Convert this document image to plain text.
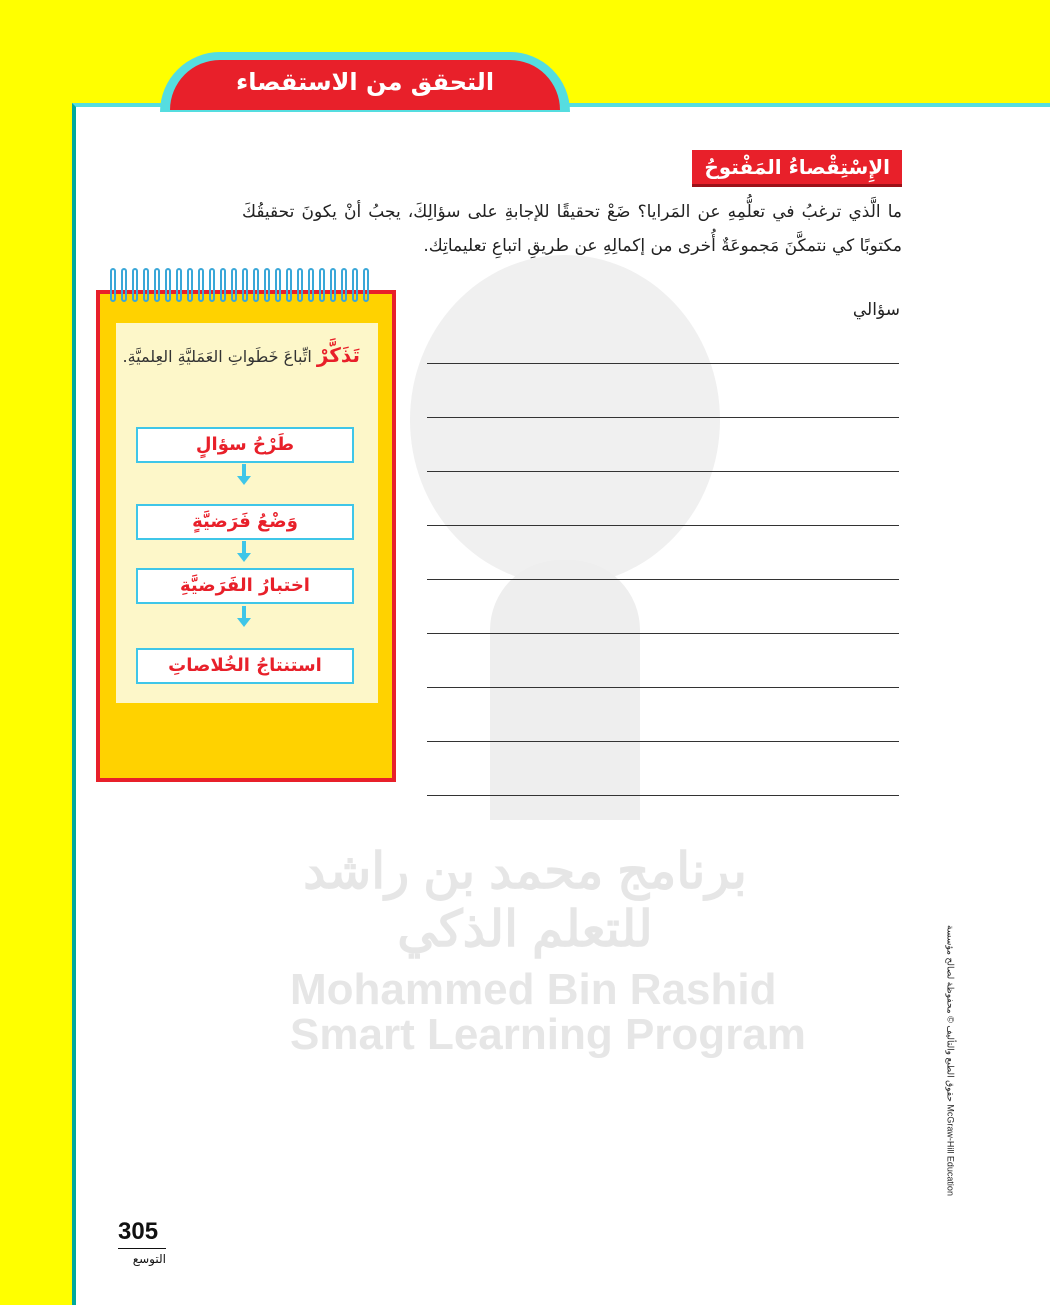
التحقق من الاستقصاء
برنامج محمد بن راشد
للتعلم الذكي
Mohammed Bin Rashid
Smart Learning Program
الإِسْتِقْصاءُ المَفْتوحُ
ما الَّذي ترغبُ في تعلُّمِهِ عن المَرايا؟ ضَعْ تحقيقًا للإجابةِ على سؤالِكَ، يجبُ أنْ يكونَ تحقيقُكَ مكتوبًا كي نتمكَّنَ مَجموعَةٌ أُخرى من إكمالِهِ عن طريقِ اتباعِ تعليماتِك.
سؤالي
تَذَكَّرْ اتِّباعَ خَطَواتِ العَمَليَّةِ العِلميَّةِ.
طَرْحُ سؤالٍ
وَضْعُ فَرَضيَّةٍ
اختبارُ الفَرَضيَّةِ
استنتاجُ الخُلاصاتِ
حقوق الطبع والتأليف © محفوظة لصالح مؤسسة McGraw-Hill Education
305
التوسع
